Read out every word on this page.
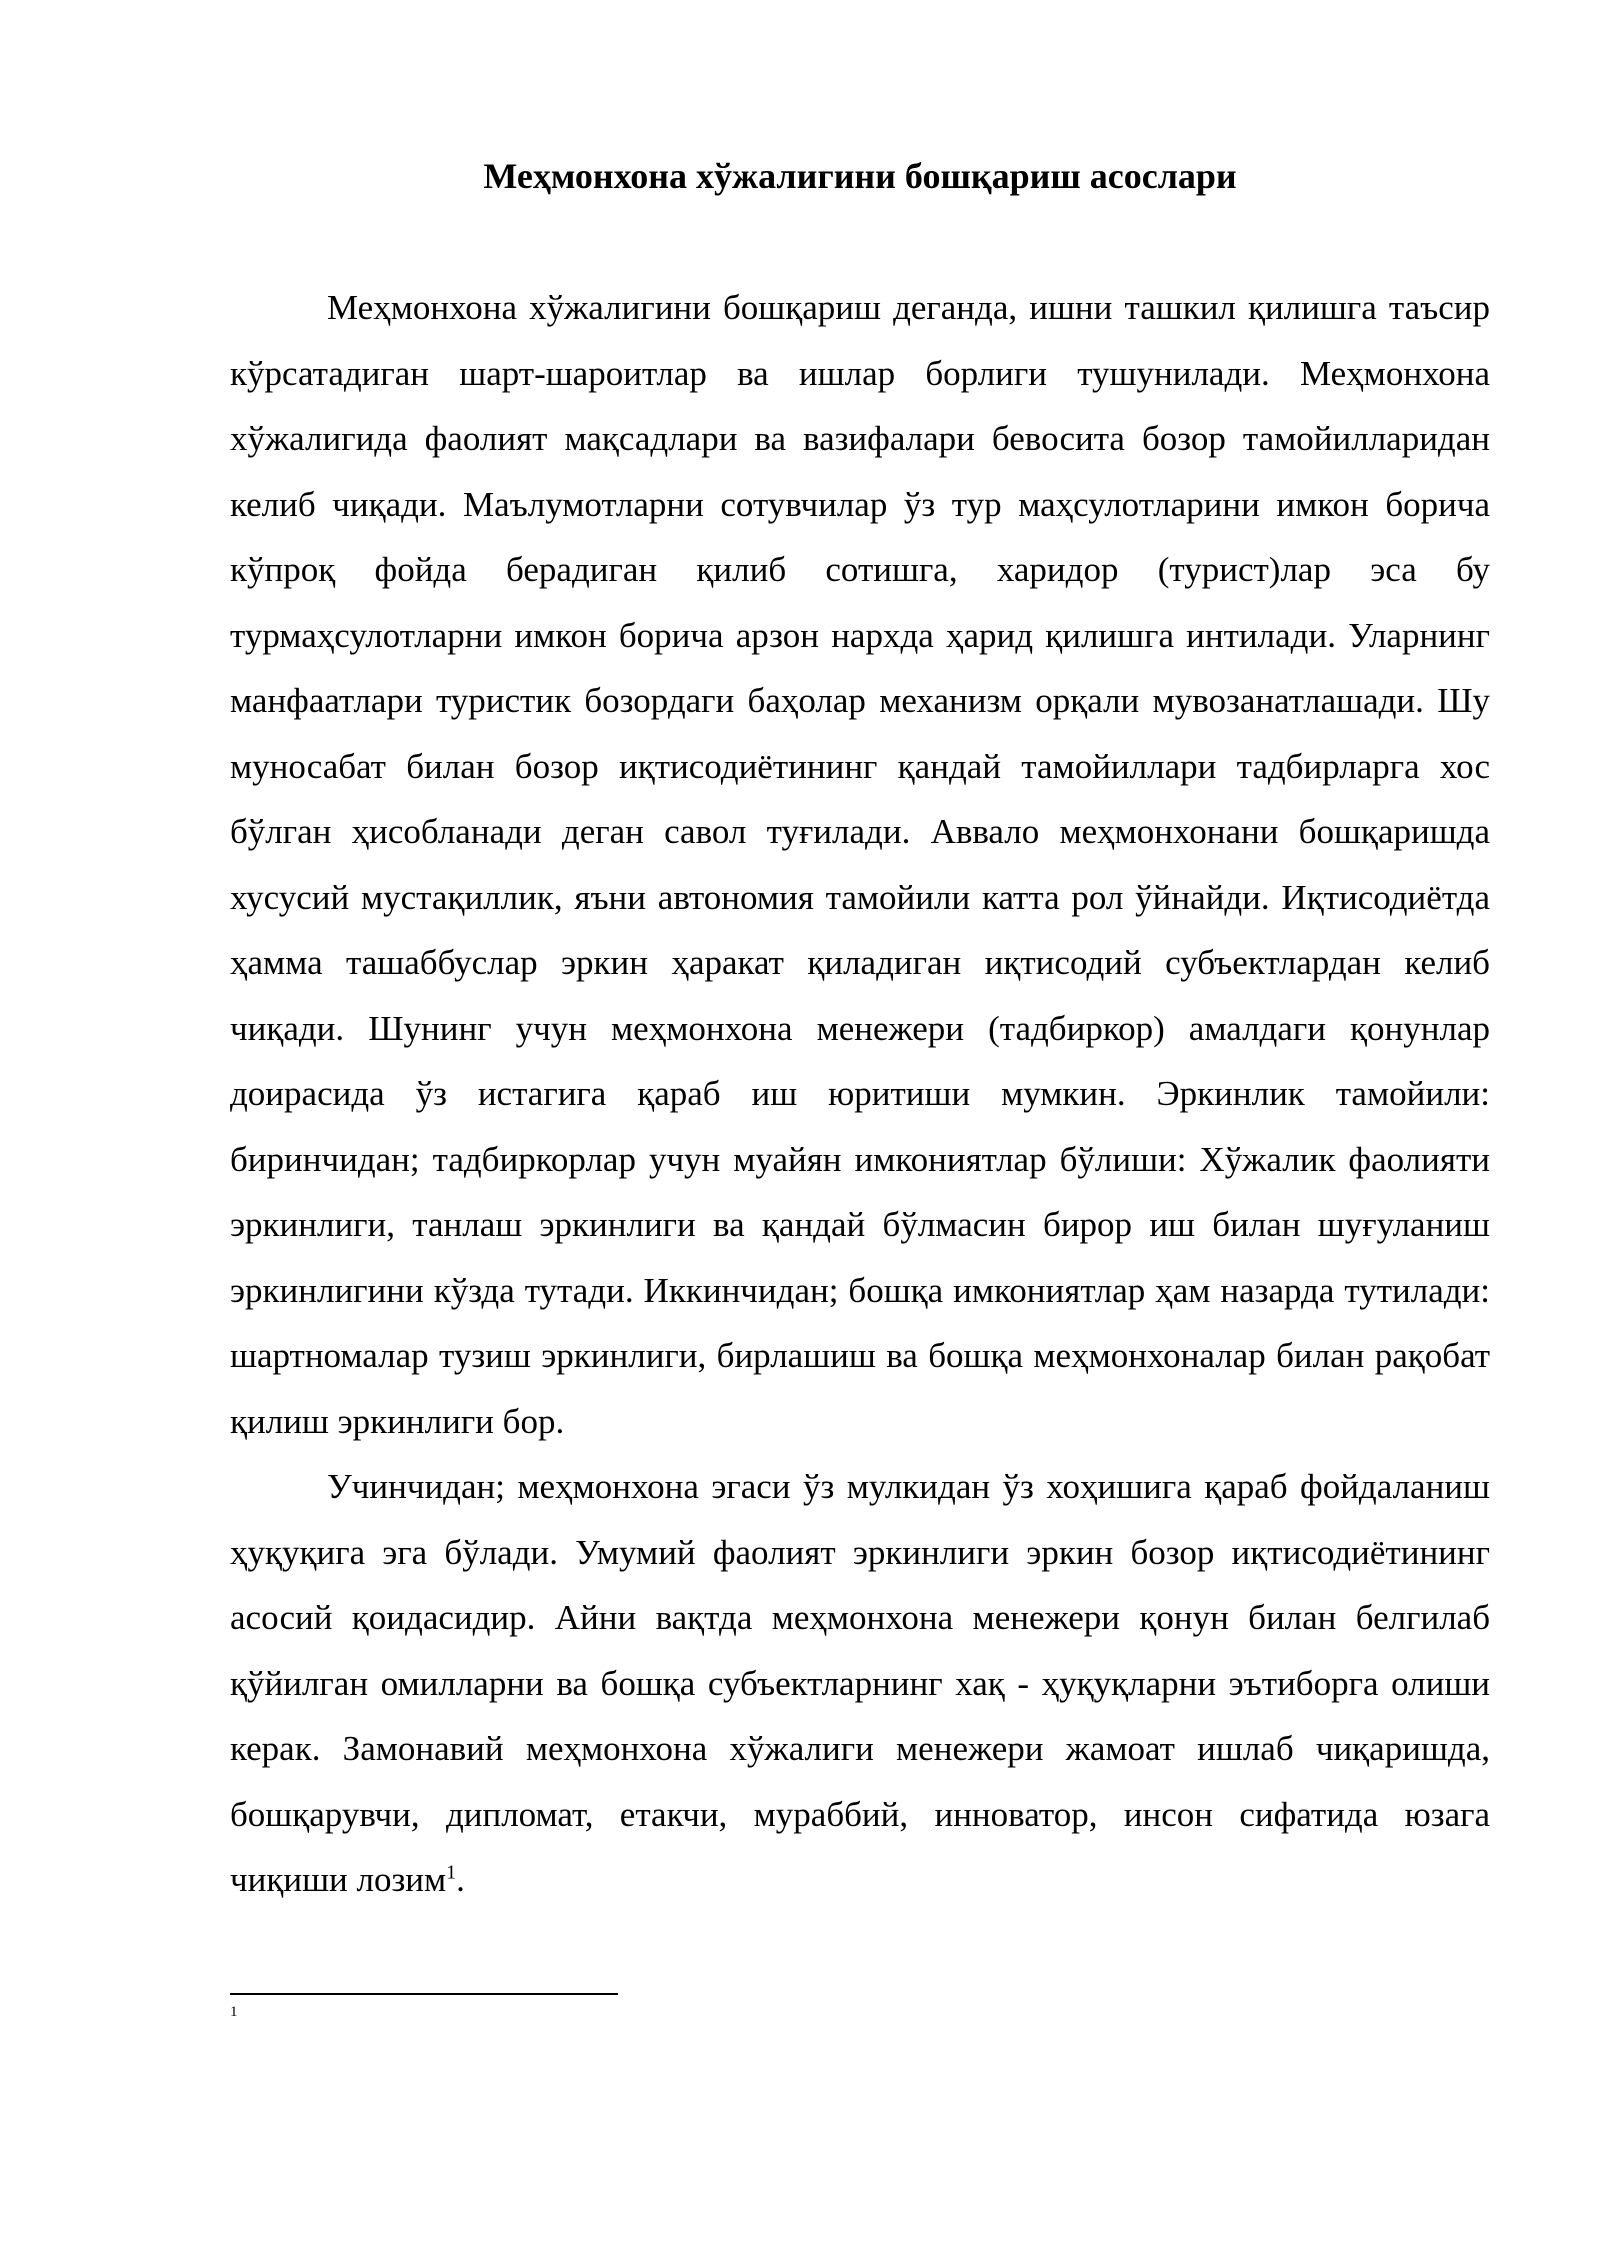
Меҳмонхона хўжалигини бошқариш асослари

Меҳмонхона хўжалигини бошқариш деганда, ишни ташкил қилишга таъсир кўрсатадиган шарт-шароитлар ва ишлар борлиги тушунилади. Меҳмонхона хўжалигида фаолият мақсадлари ва вазифалари бевосита бозор тамойилларидан келиб чиқади. Маълумотларни сотувчилар ўз тур маҳсулотларини имкон борича кўпроқ фойда берадиган қилиб сотишга, харидор (турист)лар эса бу турмаҳсулотларни имкон борича арзон нархда ҳарид қилишга интилади. Уларнинг манфаатлари туристик бозордаги баҳолар механизм орқали мувозанатлашади. Шу муносабат билан бозор иқтисодиётининг қандай тамойиллари тадбирларга хос бўлган ҳисобланади деган савол туғилади. Аввало меҳмонхонани бошқаришда хусусий мустақиллик, яъни автономия тамойили катта рол ўйнайди. Иқтисодиётда ҳамма ташаббуслар эркин ҳаракат қиладиган иқтисодий субъектлардан келиб чиқади. Шунинг учун меҳмонхона менежери (тадбиркор) амалдаги қонунлар доирасида ўз истагига қараб иш юритиши мумкин. Эркинлик тамойили: биринчидан; тадбиркорлар учун муайян имкониятлар бўлиши: Хўжалик фаолияти эркинлиги, танлаш эркинлиги ва қандай бўлмасин бирор иш билан шуғуланиш эркинлигини кўзда тутади. Иккинчидан; бошқа имкониятлар ҳам назарда тутилади: шартномалар тузиш эркинлиги, бирлашиш ва бошқа меҳмонхоналар билан рақобат қилиш эркинлиги бор.

Учинчидан; меҳмонхона эгаси ўз мулкидан ўз хоҳишига қараб фойдаланиш ҳуқуқига эга бўлади. Умумий фаолият эркинлиги эркин бозор иқтисодиётининг асосий қоидасидир. Айни вақтда меҳмонхона менежери қонун билан белгилаб қўйилган омилларни ва бошқа субъектларнинг хақ - ҳуқуқларни эътиборга олиши керак. Замонавий меҳмонхона хўжалиги менежери жамоат ишлаб чиқаришда, бошқарувчи, дипломат, етакчи, мураббий, инноватор, инсон сифатида юзага чиқиши лозим$^1$.

1
